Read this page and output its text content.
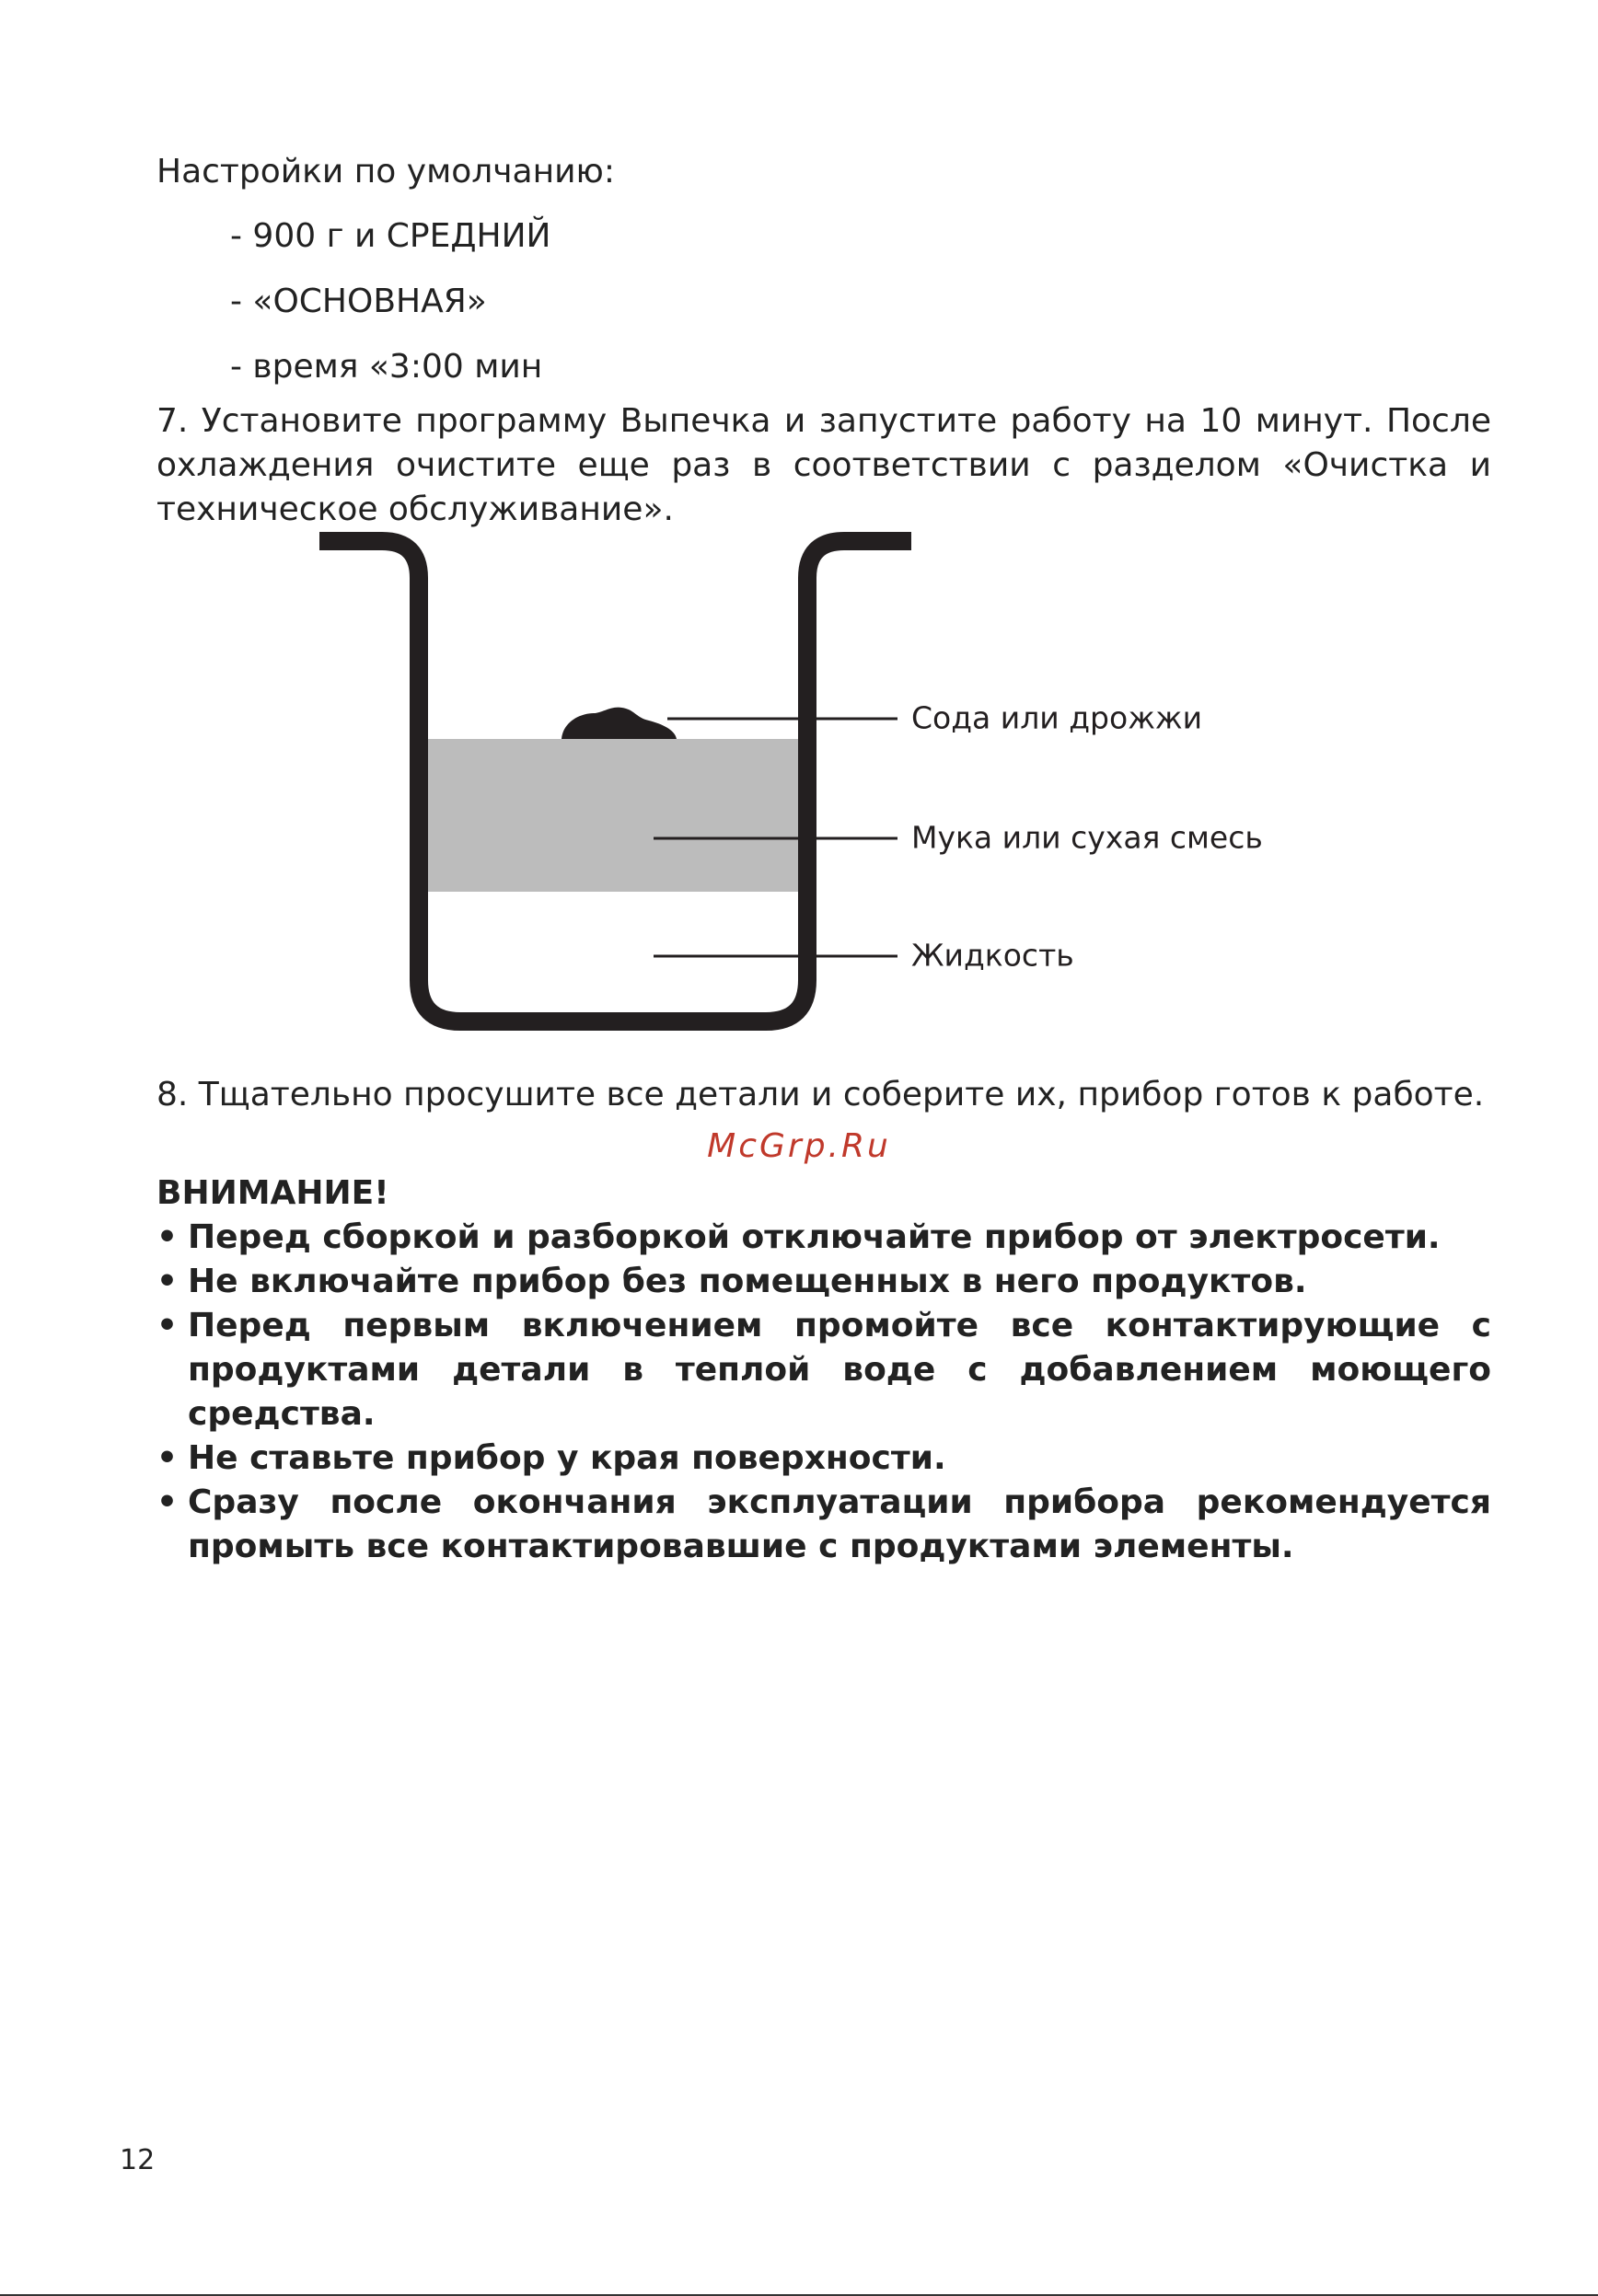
Настройки по умолчанию:

- 900 г и СРЕДНИЙ

- «ОСНОВНАЯ»

- время «3:00 мин

7. Установите программу Выпечка и запустите работу на 10 минут. После охлаждения очистите еще раз в соответствии с разделом «Очистка и техническое обслуживание».

Сода или дрожжи
Мука или сухая смесь
Жидкость

8. Тщательно просушите все детали и соберите их, прибор готов к работе.

McGrp.Ru

ВНИМАНИЕ!

• Перед сборкой и разборкой отключайте прибор от электросети.
• Не включайте прибор без помещенных в него продуктов.
• Перед первым включением промойте все контактирующие с продуктами детали в теплой воде с добавлением моющего средства.
• Не ставьте прибор у края поверхности.
• Сразу после окончания эксплуатации прибора рекомендуется промыть все контактировавшие с продуктами элементы.

12
